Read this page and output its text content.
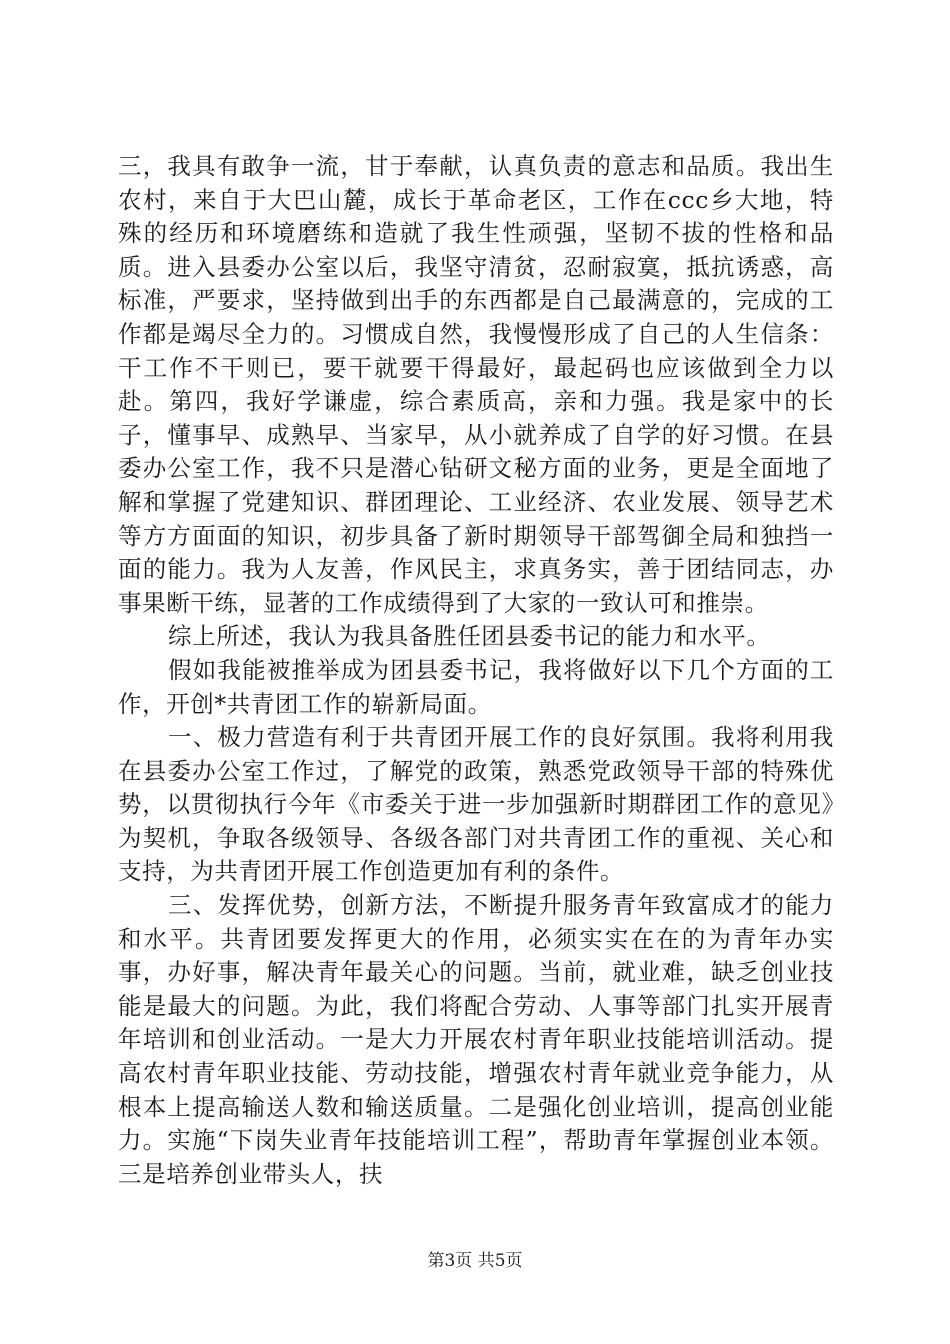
三，我具有敢争一流，甘于奉献，认真负责的意志和品质。我出生农村，来自于大巴山麓，成长于革命老区，工作在ccc乡大地，特殊的经历和环境磨练和造就了我生性顽强，坚韧不拔的性格和品质。进入县委办公室以后，我坚守清贫，忍耐寂寞，抵抗诱惑，高标准，严要求，坚持做到出手的东西都是自己最满意的，完成的工作都是竭尽全力的。习惯成自然，我慢慢形成了自己的人生信条：干工作不干则已，要干就要干得最好，最起码也应该做到全力以赴。第四，我好学谦虚，综合素质高，亲和力强。我是家中的长子，懂事早、成熟早、当家早，从小就养成了自学的好习惯。在县委办公室工作，我不只是潜心钻研文秘方面的业务，更是全面地了解和掌握了党建知识、群团理论、工业经济、农业发展、领导艺术等方方面面的知识，初步具备了新时期领导干部驾御全局和独挡一面的能力。我为人友善，作风民主，求真务实，善于团结同志，办事果断干练，显著的工作成绩得到了大家的一致认可和推崇。

综上所述，我认为我具备胜任团县委书记的能力和水平。

假如我能被推举成为团县委书记，我将做好以下几个方面的工作，开创*共青团工作的崭新局面。

一、极力营造有利于共青团开展工作的良好氛围。我将利用我在县委办公室工作过，了解党的政策，熟悉党政领导干部的特殊优势，以贯彻执行今年《市委关于进一步加强新时期群团工作的意见》为契机，争取各级领导、各级各部门对共青团工作的重视、关心和支持，为共青团开展工作创造更加有利的条件。

三、发挥优势，创新方法，不断提升服务青年致富成才的能力和水平。共青团要发挥更大的作用，必须实实在在的为青年办实事，办好事，解决青年最关心的问题。当前，就业难，缺乏创业技能是最大的问题。为此，我们将配合劳动、人事等部门扎实开展青年培训和创业活动。一是大力开展农村青年职业技能培训活动。提高农村青年职业技能、劳动技能，增强农村青年就业竞争能力，从根本上提高输送人数和输送质量。二是强化创业培训，提高创业能力。实施“下岗失业青年技能培训工程”，帮助青年掌握创业本领。三是培养创业带头人，扶

第3页 共5页
